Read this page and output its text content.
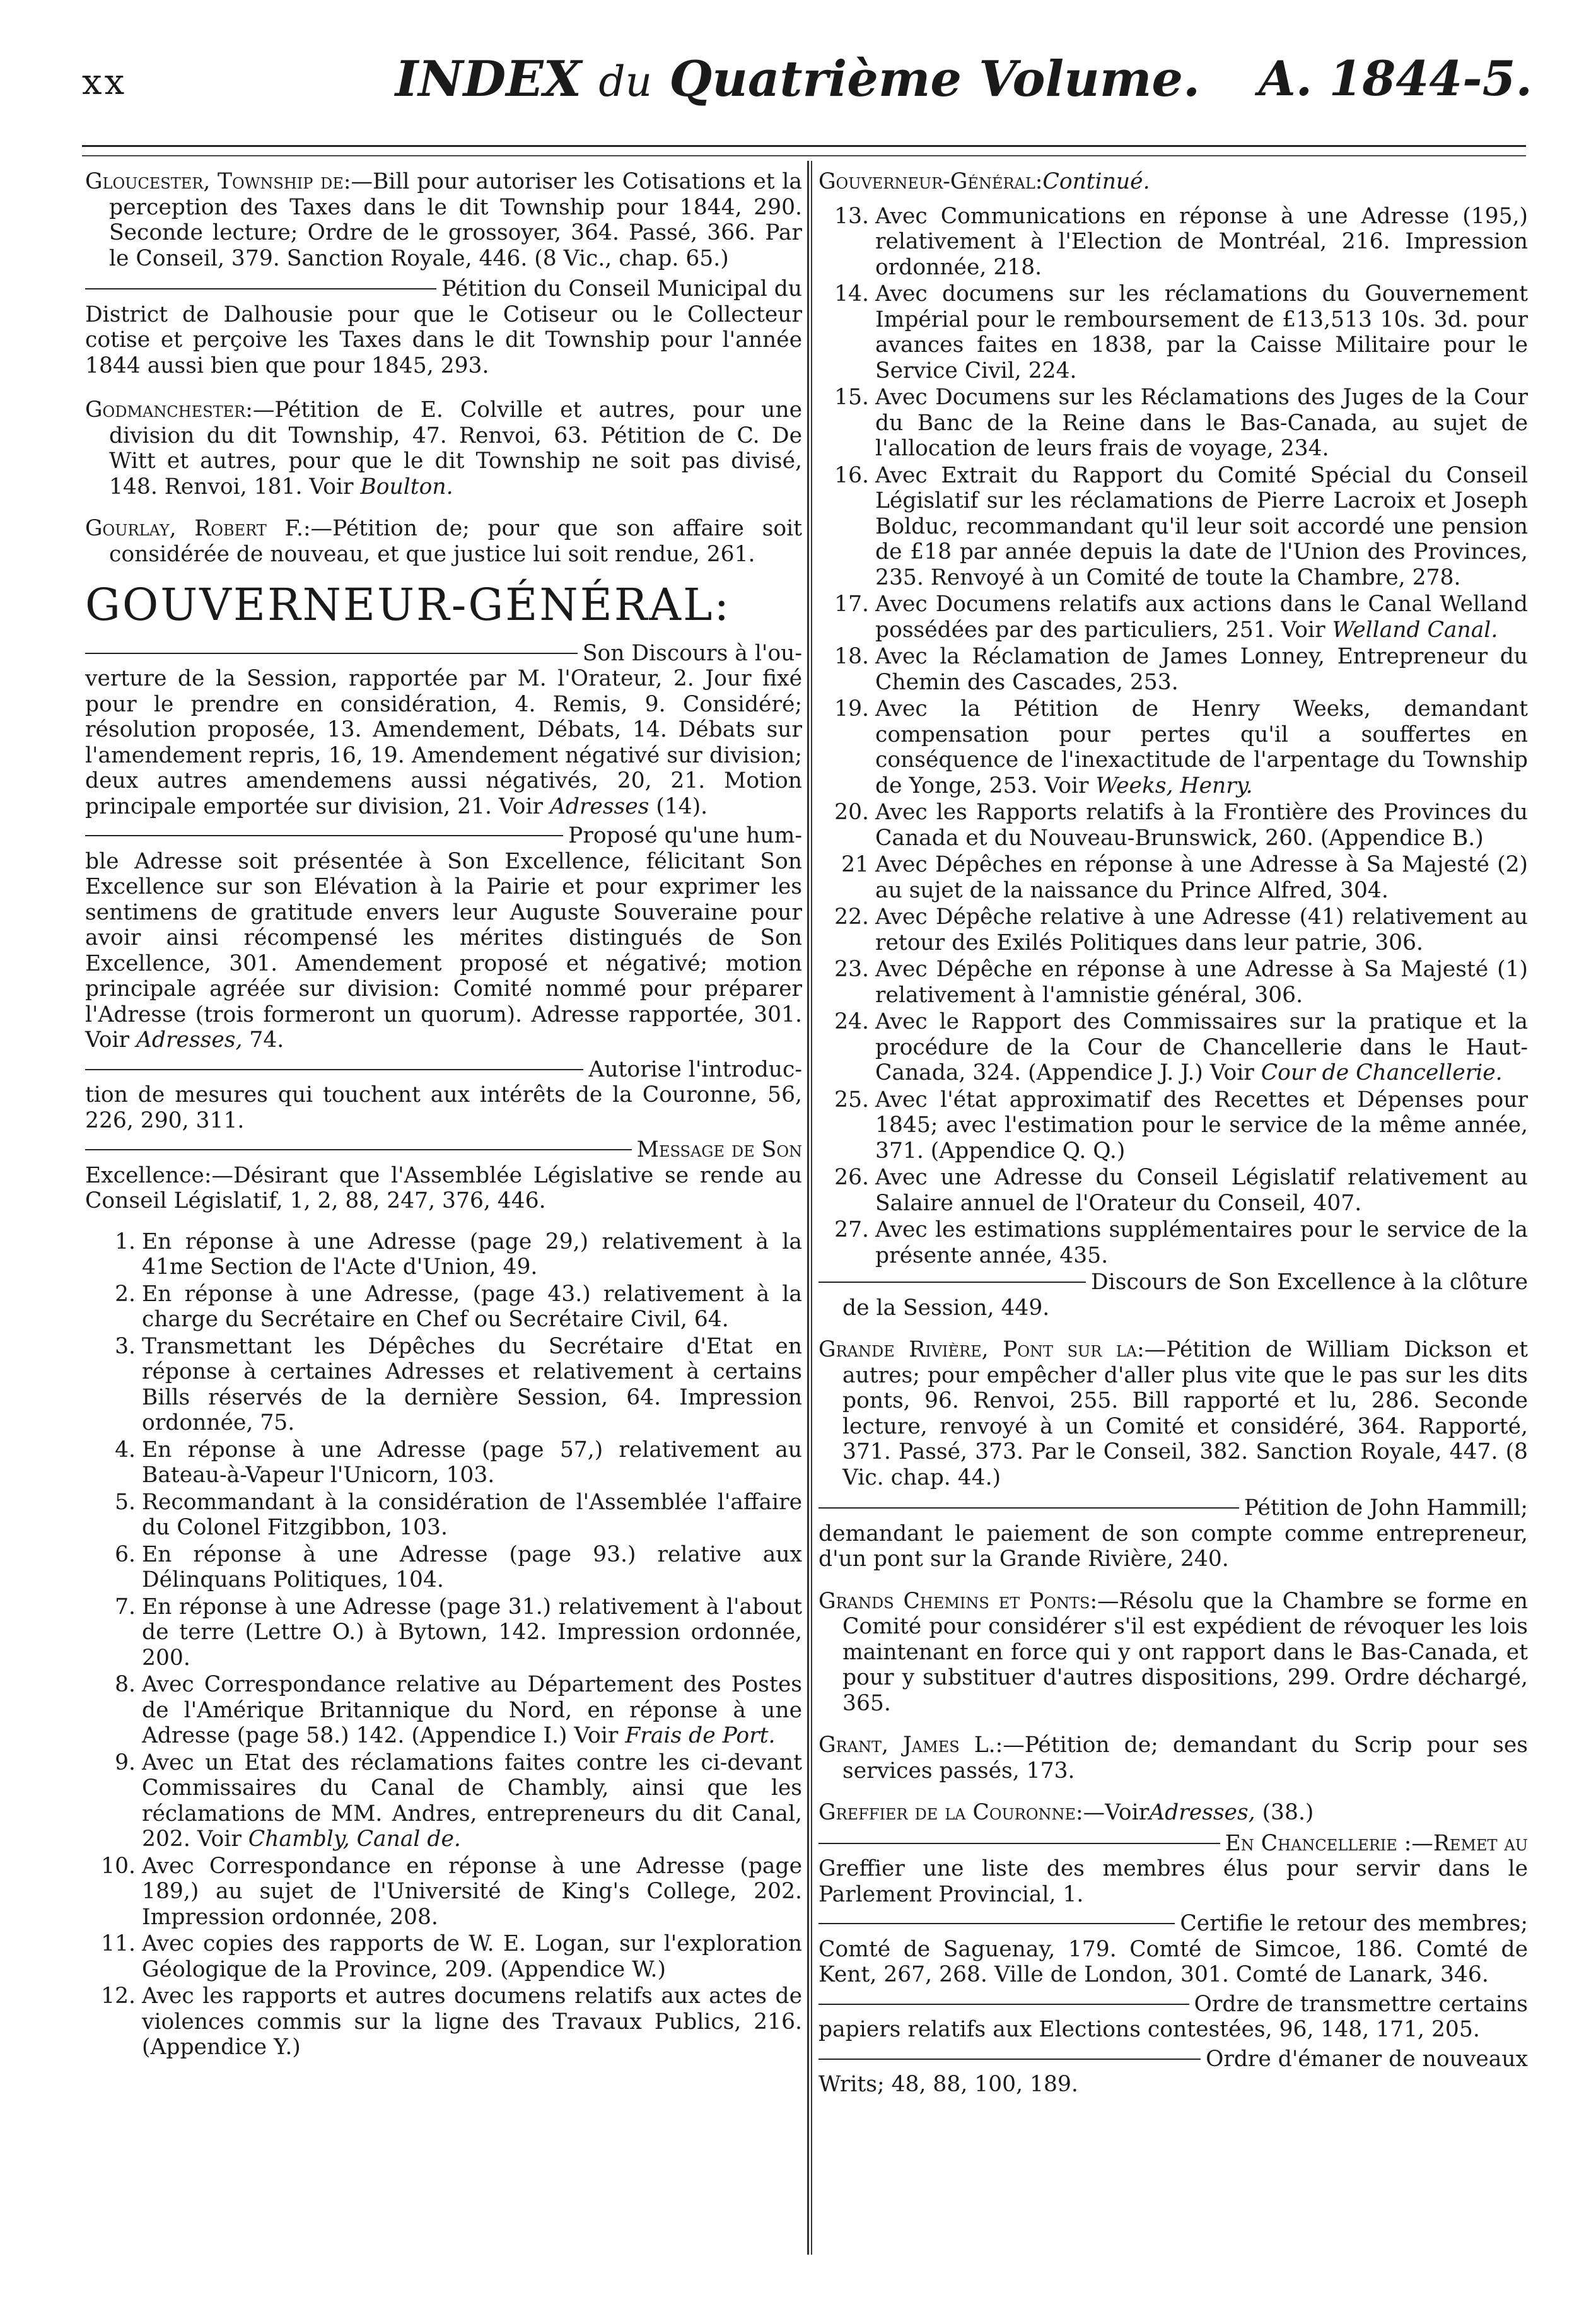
xx	INDEX du Quatrième Volume.	A. 1844-5.

Gloucester, Township de:—Bill pour autoriser les Cotisations et la perception des Taxes dans le dit Township pour 1844, 290. Seconde lecture; Ordre de le grossoyer, 364. Passé, 366. Par le Conseil, 379. Sanction Royale, 446. (8 Vic., chap. 65.)

Pétition du Conseil Municipal du
District de Dalhousie pour que le Cotiseur ou le Collecteur cotise et perçoive les Taxes dans le dit Township pour l'année 1844 aussi bien que pour 1845, 293.

Godmanchester:—Pétition de E. Colville et autres, pour une division du dit Township, 47. Renvoi, 63. Pétition de C. De Witt et autres, pour que le dit Township ne soit pas divisé, 148. Renvoi, 181. Voir Boulton.

Gourlay, Robert F.:—Pétition de; pour que son affaire soit considérée de nouveau, et que justice lui soit rendue, 261.

GOUVERNEUR-GÉNÉRAL:
Son Discours à l'ou-
verture de la Session, rapportée par M. l'Orateur, 2. Jour fixé pour le prendre en considération, 4. Remis, 9. Considéré; résolution proposée, 13. Amendement, Débats, 14. Débats sur l'amendement repris, 16, 19. Amendement négativé sur division; deux autres amendemens aussi négativés, 20, 21. Motion principale emportée sur division, 21. Voir Adresses (14).
Proposé qu'une hum-
ble Adresse soit présentée à Son Excellence, félicitant Son Excellence sur son Elévation à la Pairie et pour exprimer les sentimens de gratitude envers leur Auguste Souveraine pour avoir ainsi récompensé les mérites distingués de Son Excellence, 301. Amendement proposé et négativé; motion principale agréée sur division: Comité nommé pour préparer l'Adresse (trois formeront un quorum). Adresse rapportée, 301. Voir Adresses, 74.
Autorise l'introduc-
tion de mesures qui touchent aux intérêts de la Couronne, 56, 226, 290, 311.
Message de Son
Excellence:—Désirant que l'Assemblée Législative se rende au Conseil Législatif, 1, 2, 88, 247, 376, 446.
1. En réponse à une Adresse (page 29,) relativement à la 41me Section de l'Acte d'Union, 49.
2. En réponse à une Adresse, (page 43.) relativement à la charge du Secrétaire en Chef ou Secrétaire Civil, 64.
3. Transmettant les Dépêches du Secrétaire d'Etat en réponse à certaines Adresses et relativement à certains Bills réservés de la dernière Session, 64. Impression ordonnée, 75.
4. En réponse à une Adresse (page 57,) relativement au Bateau-à-Vapeur l'Unicorn, 103.
5. Recommandant à la considération de l'Assemblée l'affaire du Colonel Fitzgibbon, 103.
6. En réponse à une Adresse (page 93.) relative aux Délinquans Politiques, 104.
7. En réponse à une Adresse (page 31.) relativement à l'about de terre (Lettre O.) à Bytown, 142. Impression ordonnée, 200.
8. Avec Correspondance relative au Département des Postes de l'Amérique Britannique du Nord, en réponse à une Adresse (page 58.) 142. (Appendice I.) Voir Frais de Port.
9. Avec un Etat des réclamations faites contre les ci-devant Commissaires du Canal de Chambly, ainsi que les réclamations de MM. Andres, entrepreneurs du dit Canal, 202. Voir Chambly, Canal de.
10. Avec Correspondance en réponse à une Adresse (page 189,) au sujet de l'Université de King's College, 202. Impression ordonnée, 208.
11. Avec copies des rapports de W. E. Logan, sur l'exploration Géologique de la Province, 209. (Appendice W.)
12. Avec les rapports et autres documens relatifs aux actes de violences commis sur la ligne des Travaux Publics, 216. (Appendice Y.)

Gouverneur-Général:Continué.

13. Avec Communications en réponse à une Adresse (195,) relativement à l'Election de Montréal, 216. Impression ordonnée, 218.
14. Avec documens sur les réclamations du Gouvernement Impérial pour le remboursement de £13,513 10s. 3d. pour avances faites en 1838, par la Caisse Militaire pour le Service Civil, 224.
15. Avec Documens sur les Réclamations des Juges de la Cour du Banc de la Reine dans le Bas-Canada, au sujet de l'allocation de leurs frais de voyage, 234.
16. Avec Extrait du Rapport du Comité Spécial du Conseil Législatif sur les réclamations de Pierre Lacroix et Joseph Bolduc, recommandant qu'il leur soit accordé une pension de £18 par année depuis la date de l'Union des Provinces, 235. Renvoyé à un Comité de toute la Chambre, 278.
17. Avec Documens relatifs aux actions dans le Canal Welland possédées par des particuliers, 251. Voir Welland Canal.
18. Avec la Réclamation de James Lonney, Entrepreneur du Chemin des Cascades, 253.
19. Avec la Pétition de Henry Weeks, demandant compensation pour pertes qu'il a souffertes en conséquence de l'inexactitude de l'arpentage du Township de Yonge, 253. Voir Weeks, Henry.
20. Avec les Rapports relatifs à la Frontière des Provinces du Canada et du Nouveau-Brunswick, 260. (Appendice B.)
21 Avec Dépêches en réponse à une Adresse à Sa Majesté (2) au sujet de la naissance du Prince Alfred, 304.
22. Avec Dépêche relative à une Adresse (41) relativement au retour des Exilés Politiques dans leur patrie, 306.
23. Avec Dépêche en réponse à une Adresse à Sa Majesté (1) relativement à l'amnistie général, 306.
24. Avec le Rapport des Commissaires sur la pratique et la procédure de la Cour de Chancellerie dans le Haut-Canada, 324. (Appendice J. J.) Voir Cour de Chancellerie.
25. Avec l'état approximatif des Recettes et Dépenses pour 1845; avec l'estimation pour le service de la même année, 371. (Appendice Q. Q.)
26. Avec une Adresse du Conseil Législatif relativement au Salaire annuel de l'Orateur du Conseil, 407.
27. Avec les estimations supplémentaires pour le service de la présente année, 435.
Discours de Son Excellence à la clôture
de la Session, 449.

Grande Rivière, Pont sur la:—Pétition de William Dickson et autres; pour empêcher d'aller plus vite que le pas sur les dits ponts, 96. Renvoi, 255. Bill rapporté et lu, 286. Seconde lecture, renvoyé à un Comité et considéré, 364. Rapporté, 371. Passé, 373. Par le Conseil, 382. Sanction Royale, 447. (8 Vic. chap. 44.)

Pétition de John Hammill;
demandant le paiement de son compte comme entrepreneur, d'un pont sur la Grande Rivière, 240.

Grands Chemins et Ponts:—Résolu que la Chambre se forme en Comité pour considérer s'il est expédient de révoquer les lois maintenant en force qui y ont rapport dans le Bas-Canada, et pour y substituer d'autres dispositions, 299. Ordre déchargé, 365.

Grant, James L.:—Pétition de; demandant du Scrip pour ses services passés, 173.

Greffier de la Couronne:—VoirAdresses, (38.)

En Chancellerie :—Remet au
Greffier une liste des membres élus pour servir dans le Parlement Provincial, 1.
Certifie le retour des membres;
Comté de Saguenay, 179. Comté de Simcoe, 186. Comté de Kent, 267, 268. Ville de London, 301. Comté de Lanark, 346.
Ordre de transmettre certains
papiers relatifs aux Elections contestées, 96, 148, 171, 205.
Ordre d'émaner de nouveaux
Writs; 48, 88, 100, 189.
